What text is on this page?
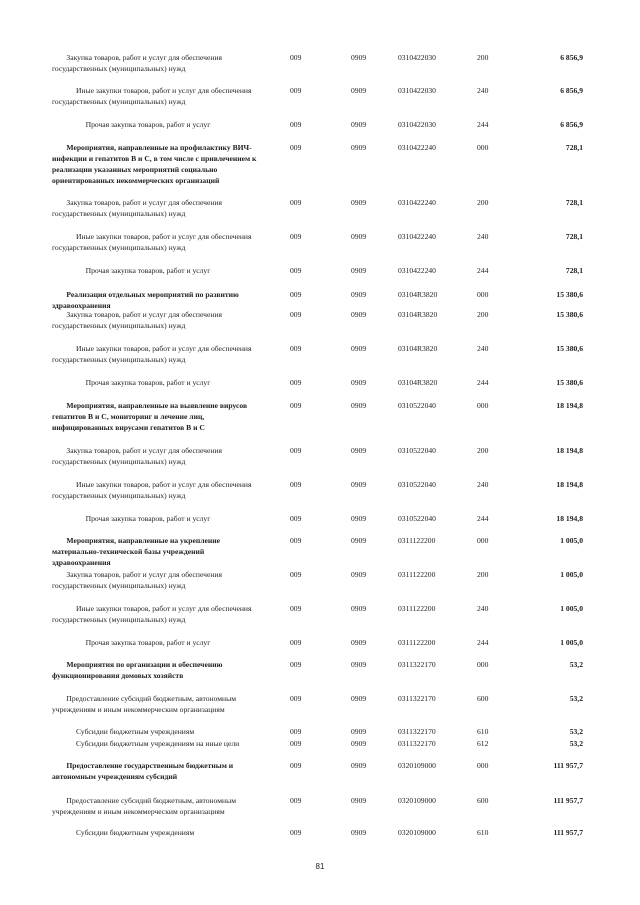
Закупка товаров, работ и услуг для обеспечения государственных (муниципальных) нужд
009	0909	0310422030	200	6 856,9
Иные закупки товаров, работ и услуг для обеспечения государственных (муниципальных) нужд
009	0909	0310422030	240	6 856,9
Прочая закупка товаров, работ и услуг	009	0909	0310422030	244	6 856,9
Мероприятия, направленные на профилактику ВИЧ-инфекции и гепатитов В и С, в том числе с привлечением к реализации указанных мероприятий социально ориентированных некоммерческих организаций
009	0909	0310422240	000	728,1
Закупка товаров, работ и услуг для обеспечения государственных (муниципальных) нужд
009	0909	0310422240	200	728,1
Иные закупки товаров, работ и услуг для обеспечения государственных (муниципальных) нужд
009	0909	0310422240	240	728,1
Прочая закупка товаров, работ и услуг	009	0909	0310422240	244	728,1
Реализация отдельных мероприятий по развитию здравоохранения
009	0909	03104R3820	000	15 380,6
Закупка товаров, работ и услуг для обеспечения государственных (муниципальных) нужд
009	0909	03104R3820	200	15 380,6
Иные закупки товаров, работ и услуг для обеспечения государственных (муниципальных) нужд
009	0909	03104R3820	240	15 380,6
Прочая закупка товаров, работ и услуг	009	0909	03104R3820	244	15 380,6
Мероприятия, направленные на выявление вирусов гепатитов В и С, мониторинг и лечение лиц, инфицированных вирусами гепатитов В и С
009	0909	0310522040	000	18 194,8
Закупка товаров, работ и услуг для обеспечения государственных (муниципальных) нужд
009	0909	0310522040	200	18 194,8
Иные закупки товаров, работ и услуг для обеспечения государственных (муниципальных) нужд
009	0909	0310522040	240	18 194,8
Прочая закупка товаров, работ и услуг	009	0909	0310522040	244	18 194,8
Мероприятия, направленные на укрепление материально-технической базы учреждений здравоохранения
009	0909	0311122200	000	1 005,0
Закупка товаров, работ и услуг для обеспечения государственных (муниципальных) нужд
009	0909	0311122200	200	1 005,0
Иные закупки товаров, работ и услуг для обеспечения государственных (муниципальных) нужд
009	0909	0311122200	240	1 005,0
Прочая закупка товаров, работ и услуг	009	0909	0311122200	244	1 005,0
Мероприятия по организации и обеспечению функционирования домовых хозяйств
009	0909	0311322170	000	53,2
Предоставление субсидий бюджетным, автономным учреждениям и иным некоммерческим организациям
009	0909	0311322170	600	53,2
Субсидии бюджетным учреждениям	009	0909	0311322170	610	53,2
Субсидии бюджетным учреждениям на иные цели	009	0909	0311322170	612	53,2
Предоставление государственным бюджетным и автономным учреждениям субсидий
009	0909	0320109000	000	111 957,7
Предоставление субсидий бюджетным, автономным учреждениям и иным некоммерческим организациям
009	0909	0320109000	600	111 957,7
Субсидии бюджетным учреждениям	009	0909	0320109000	610	111 957,7
81
